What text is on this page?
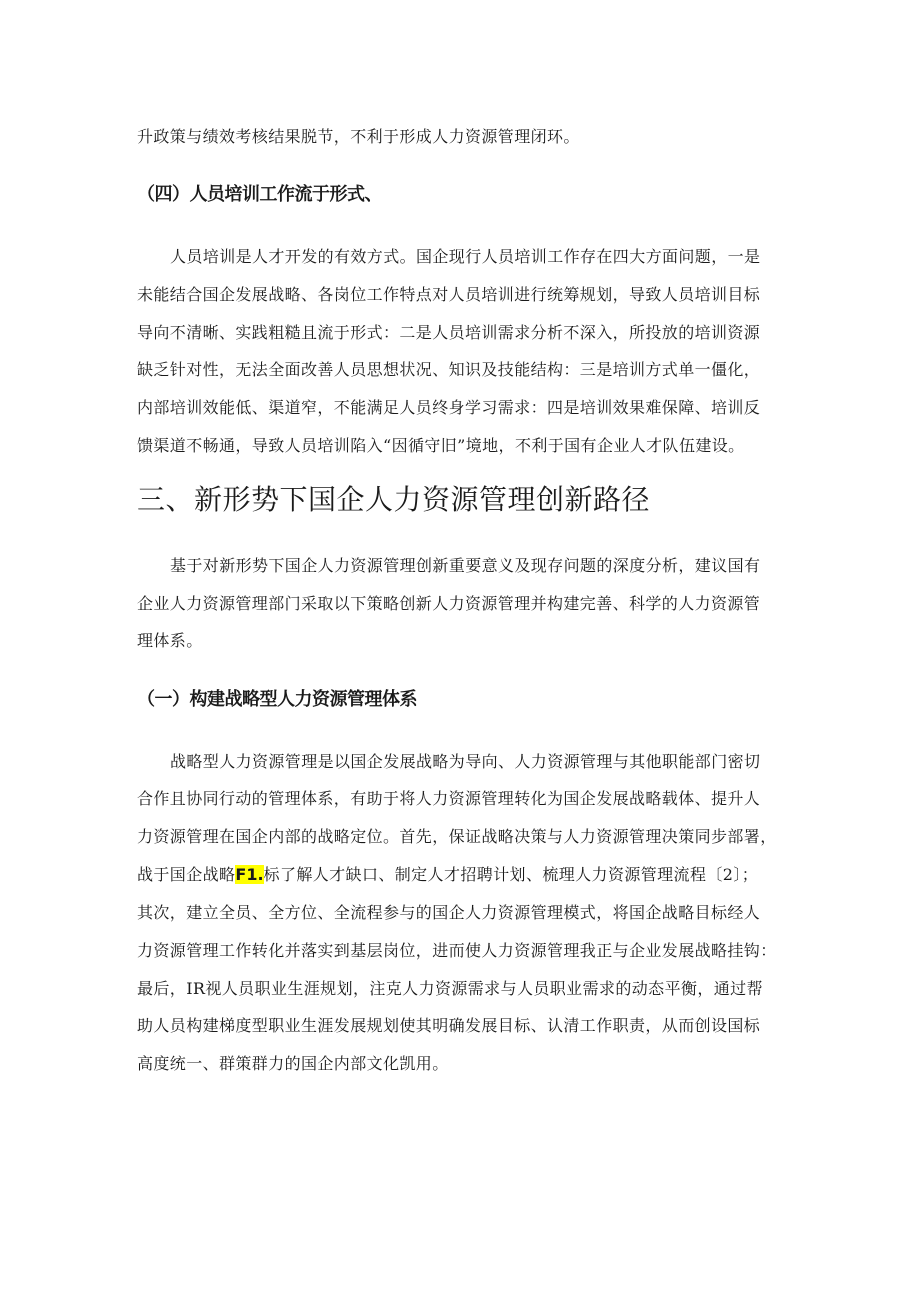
升政策与绩效考核结果脱节，不利于形成人力资源管理闭环。
（四）人员培训工作流于形式、
人员培训是人才开发的有效方式。国企现行人员培训工作存在四大方面问题，一是
未能结合国企发展战略、各岗位工作特点对人员培训进行统筹规划，导致人员培训目标
导向不清晰、实践粗糙且流于形式：二是人员培训需求分析不深入，所投放的培训资源
缺乏针对性，无法全面改善人员思想状况、知识及技能结构：三是培训方式单一僵化，
内部培训效能低、渠道窄，不能满足人员终身学习需求：四是培训效果难保障、培训反
馈渠道不畅通，导致人员培训陷入“因循守旧”境地，不利于国有企业人才队伍建设。
三、新形势下国企人力资源管理创新路径
基于对新形势下国企人力资源管理创新重要意义及现存问题的深度分析，建议国有
企业人力资源管理部门采取以下策略创新人力资源管理并构建完善、科学的人力资源管
理体系。
（一）构建战略型人力资源管理体系
战略型人力资源管理是以国企发展战略为导向、人力资源管理与其他职能部门密切
合作且协同行动的管理体系，有助于将人力资源管理转化为国企发展战略载体、提升人
力资源管理在国企内部的战略定位。首先，保证战略决策与人力资源管理决策同步部署，
战于国企战略F1.标了解人才缺口、制定人才招聘计划、梳理人力资源管理流程〔2〕；
其次，建立全员、全方位、全流程参与的国企人力资源管理模式，将国企战略目标经人
力资源管理工作转化并落实到基层岗位，进而使人力资源管理我正与企业发展战略挂钩：
最后，IR视人员职业生涯规划，注克人力资源需求与人员职业需求的动态平衡，通过帮
助人员构建梯度型职业生涯发展规划使其明确发展目标、认清工作职责，从而创设国标
高度统一、群策群力的国企内部文化凯用。
